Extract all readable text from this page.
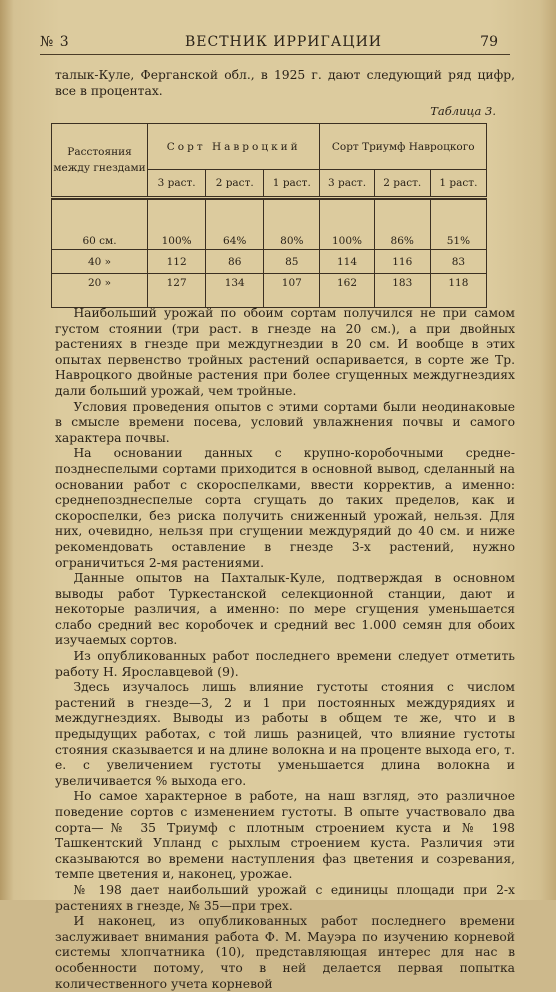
№ 3	ВЕСТНИК ИРРИГАЦИИ	79

талык-Куле, Ферганской обл., в 1925 г. дают следующий ряд цифр, все в процентах.

Таблица 3.
Расстояния между гнездами	Сорт Навроцкий			Сорт Триумф Навроцкого		
	3 раст.	2 раст.	1 раст.	3 раст.	2 раст.	1 раст.

60 см.	100%	64%	80%	100%	86%	51%
40 »	112	86	85	114	116	83
20 »	127	134	107	162	183	118

Наибольший урожай по обоим сортам получился не при самом густом стоянии (три раст. в гнезде на 20 см.), а при двойных растениях в гнезде при междугнездии в 20 см. И вообще в этих опытах первенство тройных растений оспаривается, в сорте же Тр. Навроцкого двойные растения при более сгущенных междугнездиях дали больший урожай, чем тройные.

Условия проведения опытов с этими сортами были неодинаковые в смысле времени посева, условий увлажнения почвы и самого характера почвы.

На основании данных с крупно-коробочными средне-позднеспелыми сортами приходится в основной вывод, сделанный на основании работ с скороспелками, ввести корректив, а именно: среднепозднеспелые сорта сгущать до таких пределов, как и скороспелки, без риска получить сниженный урожай, нельзя. Для них, очевидно, нельзя при сгущении междурядий до 40 см. и ниже рекомендовать оставление в гнезде 3-х растений, нужно ограничиться 2-мя растениями.

Данные опытов на Пахталык-Куле, подтверждая в основном выводы работ Туркестанской селекционной станции, дают и некоторые различия, а именно: по мере сгущения уменьшается слабо средний вес коробочек и средний вес 1.000 семян для обоих изучаемых сортов.

Из опубликованных работ последнего времени следует отметить работу Н. Ярославцевой (9).

Здесь изучалось лишь влияние густоты стояния с числом растений в гнезде—3, 2 и 1 при постоянных междурядиях и междугнездиях. Выводы из работы в общем те же, что и в предыдущих работах, с той лишь разницей, что влияние густоты стояния сказывается и на длине волокна и на проценте выхода его, т. е. с увеличением густоты уменьшается длина волокна и увеличивается % выхода его.

Но самое характерное в работе, на наш взгляд, это различное поведение сортов с изменением густоты. В опыте участвовало два сорта—№ 35 Триумф с плотным строением куста и № 198 Ташкентский Упланд с рыхлым строением куста. Различия эти сказываются во времени наступления фаз цветения и созревания, темпе цветения и, наконец, урожае.

№ 198 дает наибольший урожай с единицы площади при 2-х растениях в гнезде, № 35—при трех.

И наконец, из опубликованных работ последнего времени заслуживает внимания работа Ф. М. Мауэра по изучению корневой системы хлопчатника (10), представляющая интерес для нас в особенности потому, что в ней делается первая попытка количественного учета корневой
